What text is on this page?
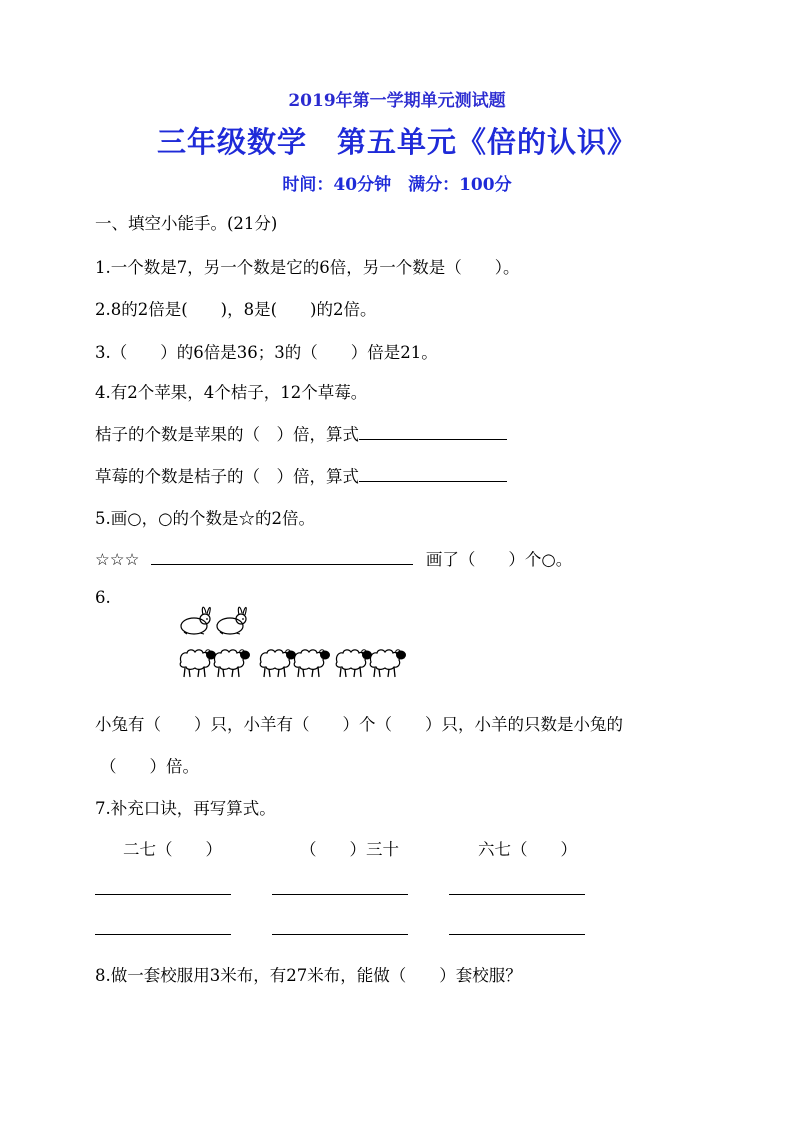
2019年第一学期单元测试题
三年级数学　第五单元《倍的认识》
时间：40分钟　满分：100分
一、填空小能手。(21分)
1.一个数是7，另一个数是它的6倍，另一个数是（　　）。
2.8的2倍是(　　)，8是(　　)的2倍。
3.（　　）的6倍是36；3的（　　）倍是21。
4.有2个苹果，4个桔子，12个草莓。
桔子的个数是苹果的（　）倍，算式
草莓的个数是桔子的（　）倍，算式
5.画○，○的个数是☆的2倍。
☆☆☆	画了（　　）个○。
6.
小兔有（　　）只，小羊有（　　）个（　　）只，小羊的只数是小兔的
（　　）倍。
7.补充口诀，再写算式。
二七（　　）	（　　）三十	六七（　　）
8.做一套校服用3米布，有27米布，能做（　　）套校服？
